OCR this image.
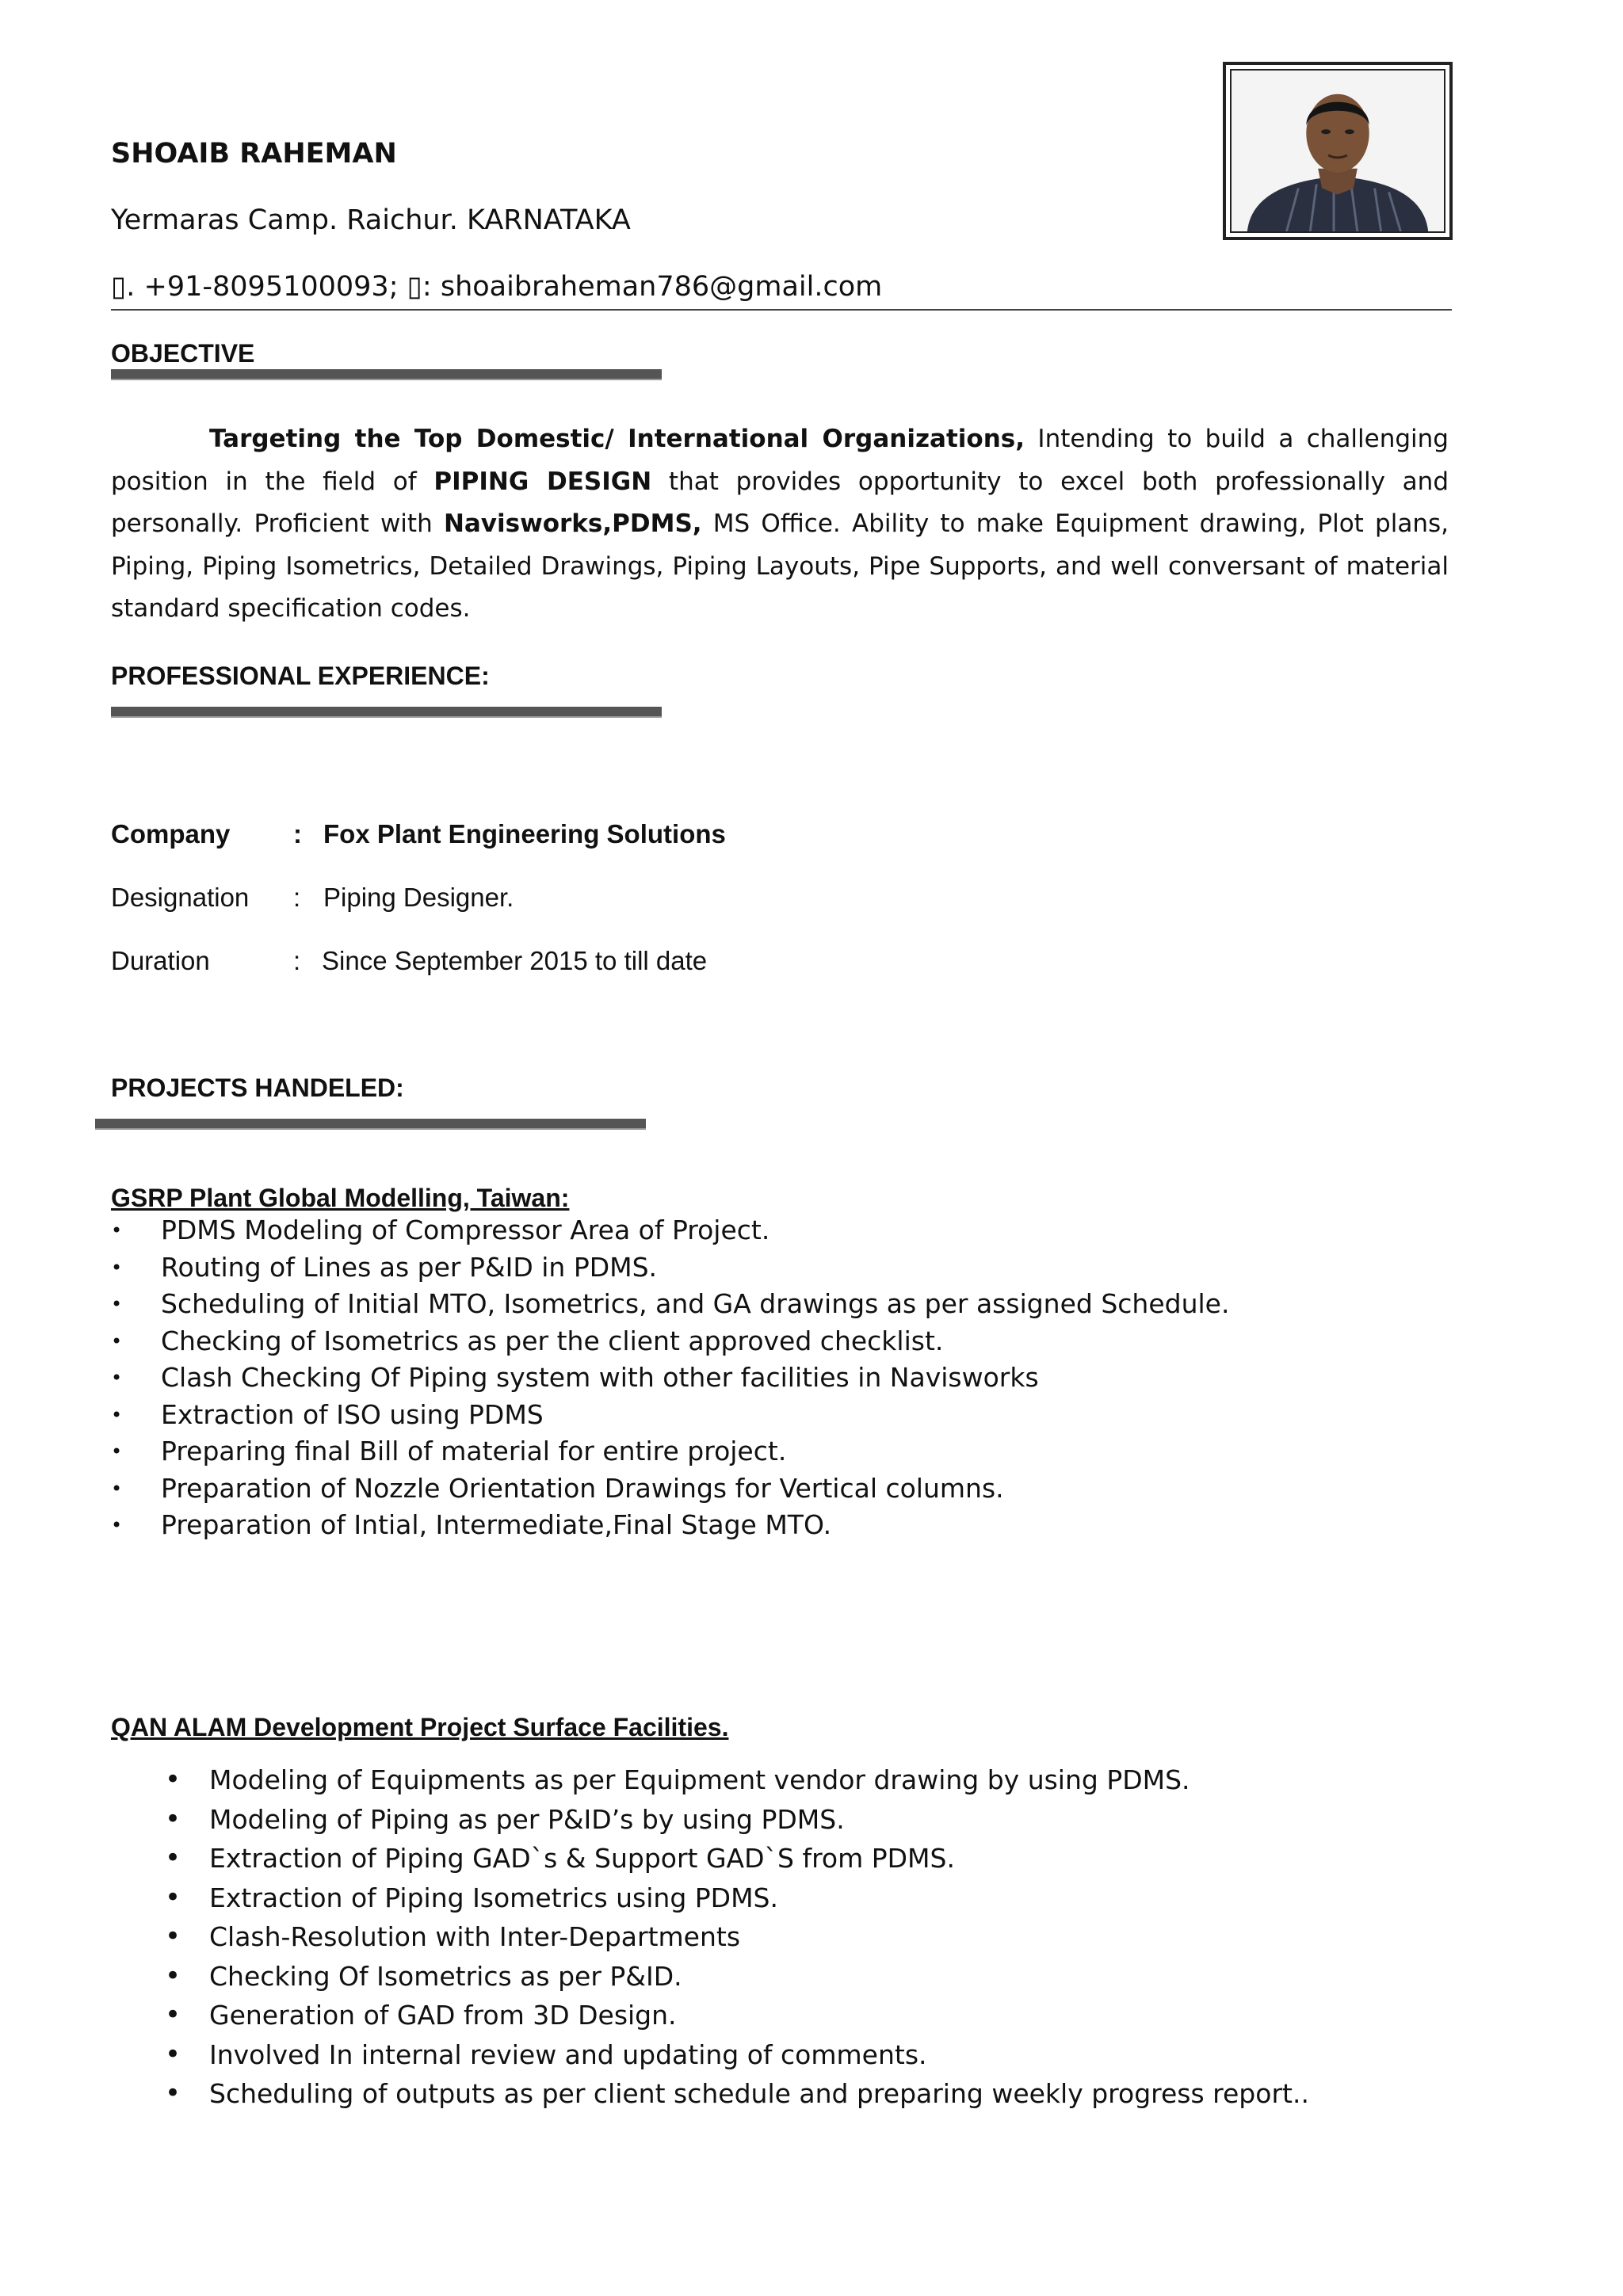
SHOAIB RAHEMAN

Yermaras Camp. Raichur. KARNATAKA

▯. +91-8095100093; ▯: shoaibraheman786@gmail.com

OBJECTIVE

Targeting the Top Domestic/ International Organizations, Intending to build a challenging position in the field of PIPING DESIGN that provides opportunity to excel both professionally and personally. Proficient with Navisworks,PDMS, MS Office. Ability to make Equipment drawing, Plot plans, Piping, Piping Isometrics, Detailed Drawings, Piping Layouts, Pipe Supports, and well conversant of material standard specification codes.

PROFESSIONAL EXPERIENCE:

Company : Fox Plant Engineering Solutions

Designation : Piping Designer.

Duration	: Since September 2015 to till date

PROJECTS HANDELED:

GSRP Plant Global Modelling, Taiwan:

• PDMS Modeling of Compressor Area of Project.
• Routing of Lines as per P&ID in PDMS.
• Scheduling of Initial MTO, Isometrics, and GA drawings as per assigned Schedule.
• Checking of Isometrics as per the client approved checklist.
• Clash Checking Of Piping system with other facilities in Navisworks
• Extraction of ISO using PDMS
• Preparing final Bill of material for entire project.
• Preparation of Nozzle Orientation Drawings for Vertical columns.
• Preparation of Intial, Intermediate,Final Stage MTO.

QAN ALAM Development Project Surface Facilities.

• Modeling of Equipments as per Equipment vendor drawing by using PDMS.
• Modeling of Piping as per P&ID’s by using PDMS.
• Extraction of Piping GAD`s & Support GAD`S from PDMS.
• Extraction of Piping Isometrics using PDMS.
• Clash-Resolution with Inter-Departments
• Checking Of Isometrics as per P&ID.
• Generation of GAD from 3D Design.
• Involved In internal review and updating of comments.
• Scheduling of outputs as per client schedule and preparing weekly progress report..
